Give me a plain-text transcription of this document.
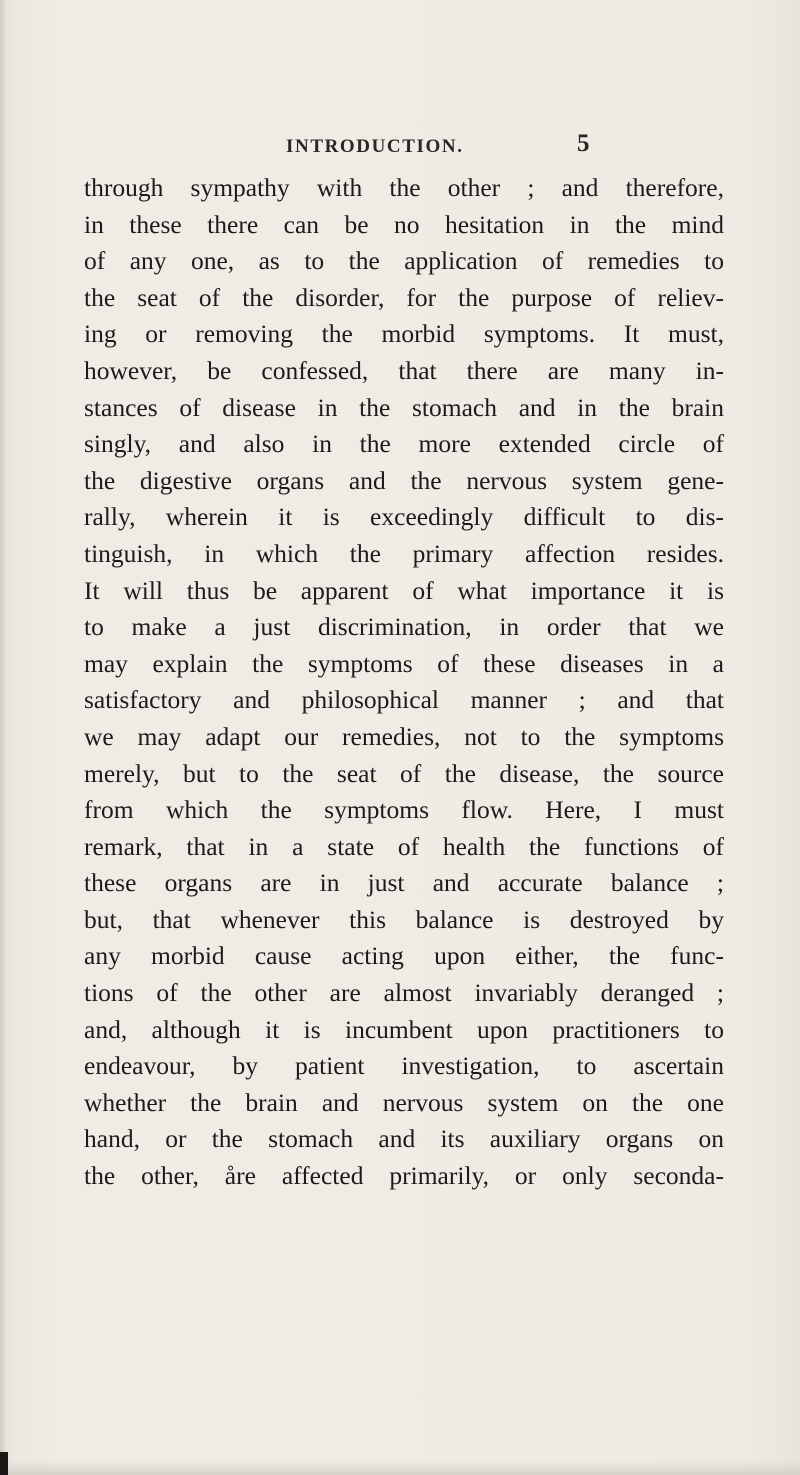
INTRODUCTION.	5
through sympathy with the other ; and therefore,
in these there can be no hesitation in the mind
of any one, as to the application of remedies to
the seat of the disorder, for the purpose of reliev-
ing or removing the morbid symptoms. It must,
however, be confessed, that there are many in-
stances of disease in the stomach and in the brain
singly, and also in the more extended circle of
the digestive organs and the nervous system gene-
rally, wherein it is exceedingly difficult to dis-
tinguish, in which the primary affection resides.
It will thus be apparent of what importance it is
to make a just discrimination, in order that we
may explain the symptoms of these diseases in a
satisfactory and philosophical manner ; and that
we may adapt our remedies, not to the symptoms
merely, but to the seat of the disease, the source
from which the symptoms flow. Here, I must
remark, that in a state of health the functions of
these organs are in just and accurate balance ;
but, that whenever this balance is destroyed by
any morbid cause acting upon either, the func-
tions of the other are almost invariably deranged ;
and, although it is incumbent upon practitioners to
endeavour, by patient investigation, to ascertain
whether the brain and nervous system on the one
hand, or the stomach and its auxiliary organs on
the other, åre affected primarily, or only seconda-
